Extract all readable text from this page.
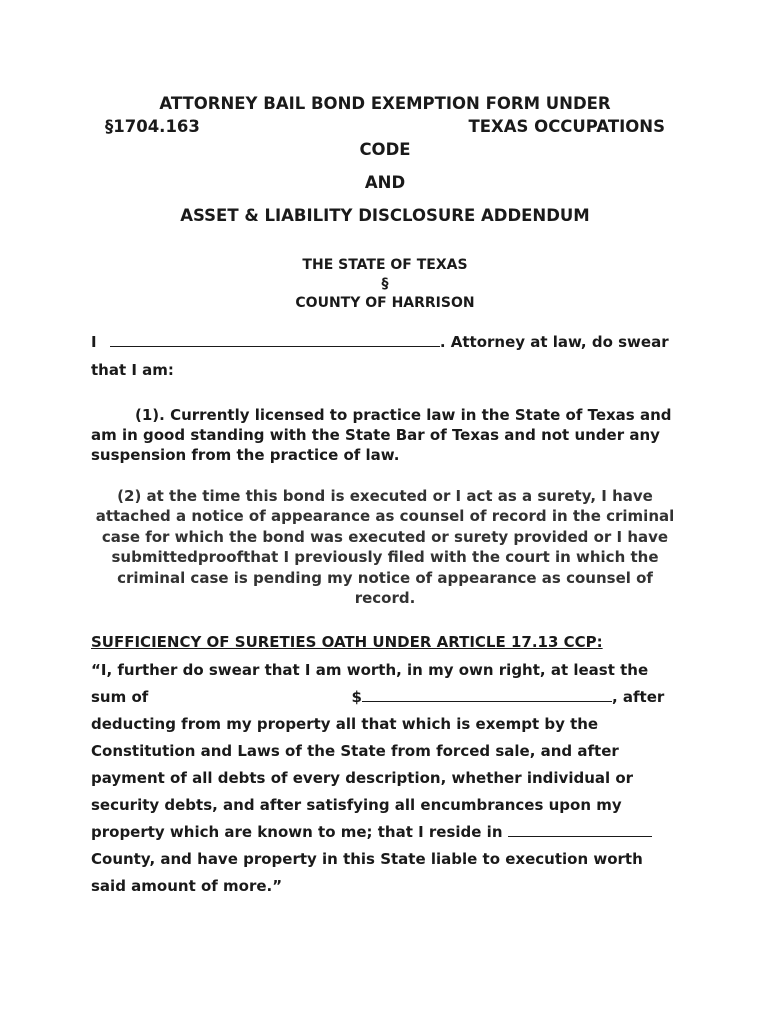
ATTORNEY BAIL BOND EXEMPTION FORM UNDER
§1704.163	TEXAS OCCUPATIONS
CODE
AND
ASSET & LIABILITY DISCLOSURE ADDENDUM
THE STATE OF TEXAS
§
COUNTY OF HARRISON
I	. Attorney at law, do swear
that I am:
(1). Currently licensed to practice law in the State of Texas and am in good standing with the State Bar of Texas and not under any suspension from the practice of law.
(2) at the time this bond is executed or I act as a surety, I have attached a notice of appearance as counsel of record in the criminal case for which the bond was executed or surety provided or I have submittedproofthat I previously filed with the court in which the criminal case is pending my notice of appearance as counsel of record.
SUFFICIENCY OF SURETIES OATH UNDER ARTICLE 17.13 CCP:
“I, further do swear that I am worth, in my own right, at least the
sum of	$	, after
deducting from my property all that which is exempt by the
Constitution and Laws of the State from forced sale, and after
payment of all debts of every description, whether individual or
security debts, and after satisfying all encumbrances upon my
property which are known to me; that I reside in
County, and have property in this State liable to execution worth
said amount of more.”
